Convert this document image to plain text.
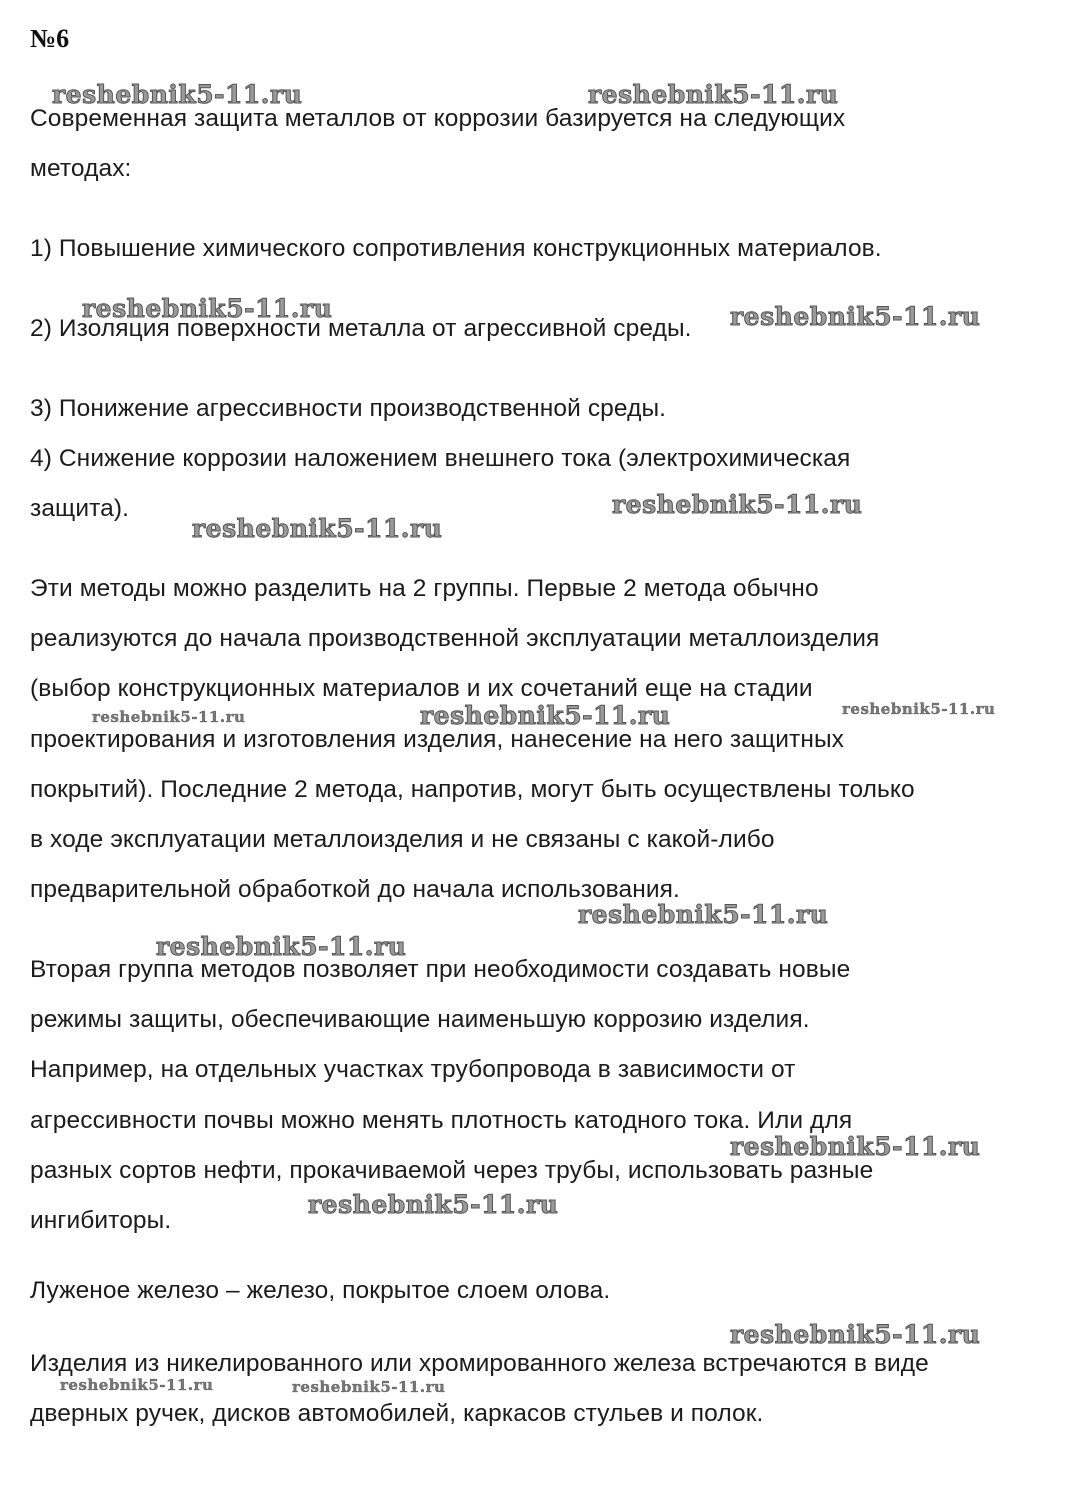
№6
Современная защита металлов от коррозии базируется на следующих
методах:
1) Повышение химического сопротивления конструкционных материалов.
2) Изоляция поверхности металла от агрессивной среды.
3) Понижение агрессивности производственной среды.
4) Снижение коррозии наложением внешнего тока (электрохимическая
защита).
Эти методы можно разделить на 2 группы. Первые 2 метода обычно
реализуются до начала производственной эксплуатации металлоизделия
(выбор конструкционных материалов и их сочетаний еще на стадии
проектирования и изготовления изделия, нанесение на него защитных
покрытий). Последние 2 метода, напротив, могут быть осуществлены только
в ходе эксплуатации металлоизделия и не связаны с какой-либо
предварительной обработкой до начала использования.
Вторая группа методов позволяет при необходимости создавать новые
режимы защиты, обеспечивающие наименьшую коррозию изделия.
Например, на отдельных участках трубопровода в зависимости от
агрессивности почвы можно менять плотность катодного тока. Или для
разных сортов нефти, прокачиваемой через трубы, использовать разные
ингибиторы.
Луженое железо – железо, покрытое слоем олова.
Изделия из никелированного или хромированного железа встречаются в виде
дверных ручек, дисков автомобилей, каркасов стульев и полок.
reshebnik5-11.ru	reshebnik5-11.ru
reshebnik5-11.ru	reshebnik5-11.ru
reshebnik5-11.ru
reshebnik5-11.ru
reshebnik5-11.ru	reshebnik5-11.ru	reshebnik5-11.ru
reshebnik5-11.ru
reshebnik5-11.ru
reshebnik5-11.ru
reshebnik5-11.ru
reshebnik5-11.ru
reshebnik5-11.ru	reshebnik5-11.ru
